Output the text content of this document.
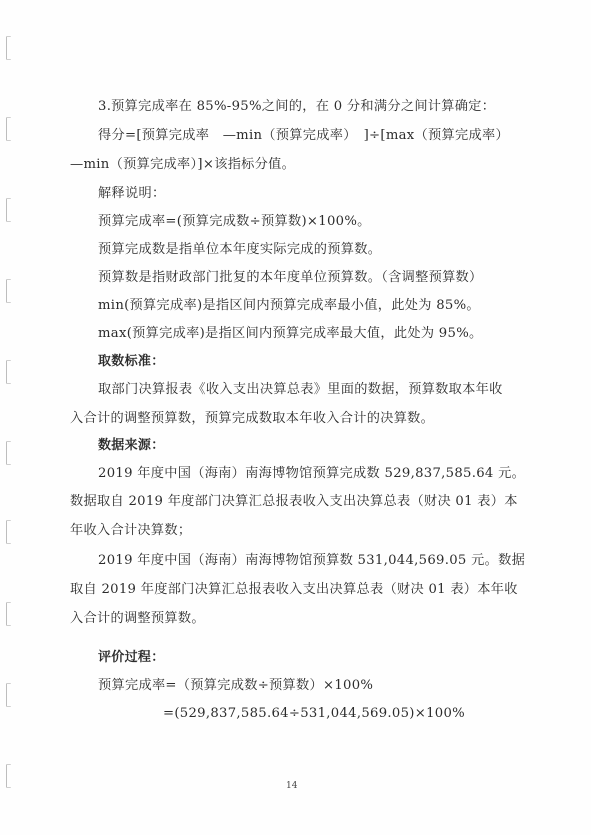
3.预算完成率在 85%-95%之间的，在 0 分和满分之间计算确定：
得分=[预算完成率　—min（预算完成率）　]÷[max（预算完成率）
—min（预算完成率）]×该指标分值。
解释说明：
预算完成率=(预算完成数÷预算数)×100%。
预算完成数是指单位本年度实际完成的预算数。
预算数是指财政部门批复的本年度单位预算数。（含调整预算数）
min(预算完成率)是指区间内预算完成率最小值，此处为 85%。
max(预算完成率)是指区间内预算完成率最大值，此处为 95%。
取数标准：
取部门决算报表《收入支出决算总表》里面的数据，预算数取本年收
入合计的调整预算数，预算完成数取本年收入合计的决算数。
数据来源：
2019 年度中国（海南）南海博物馆预算完成数 529,837,585.64 元。
数据取自 2019 年度部门决算汇总报表收入支出决算总表（财决 01 表）本
年收入合计决算数；
2019 年度中国（海南）南海博物馆预算数 531,044,569.05 元。数据
取自 2019 年度部门决算汇总报表收入支出决算总表（财决 01 表）本年收
入合计的调整预算数。
评价过程：
预算完成率=（预算完成数÷预算数）×100%
=(529,837,585.64÷531,044,569.05)×100%
14
